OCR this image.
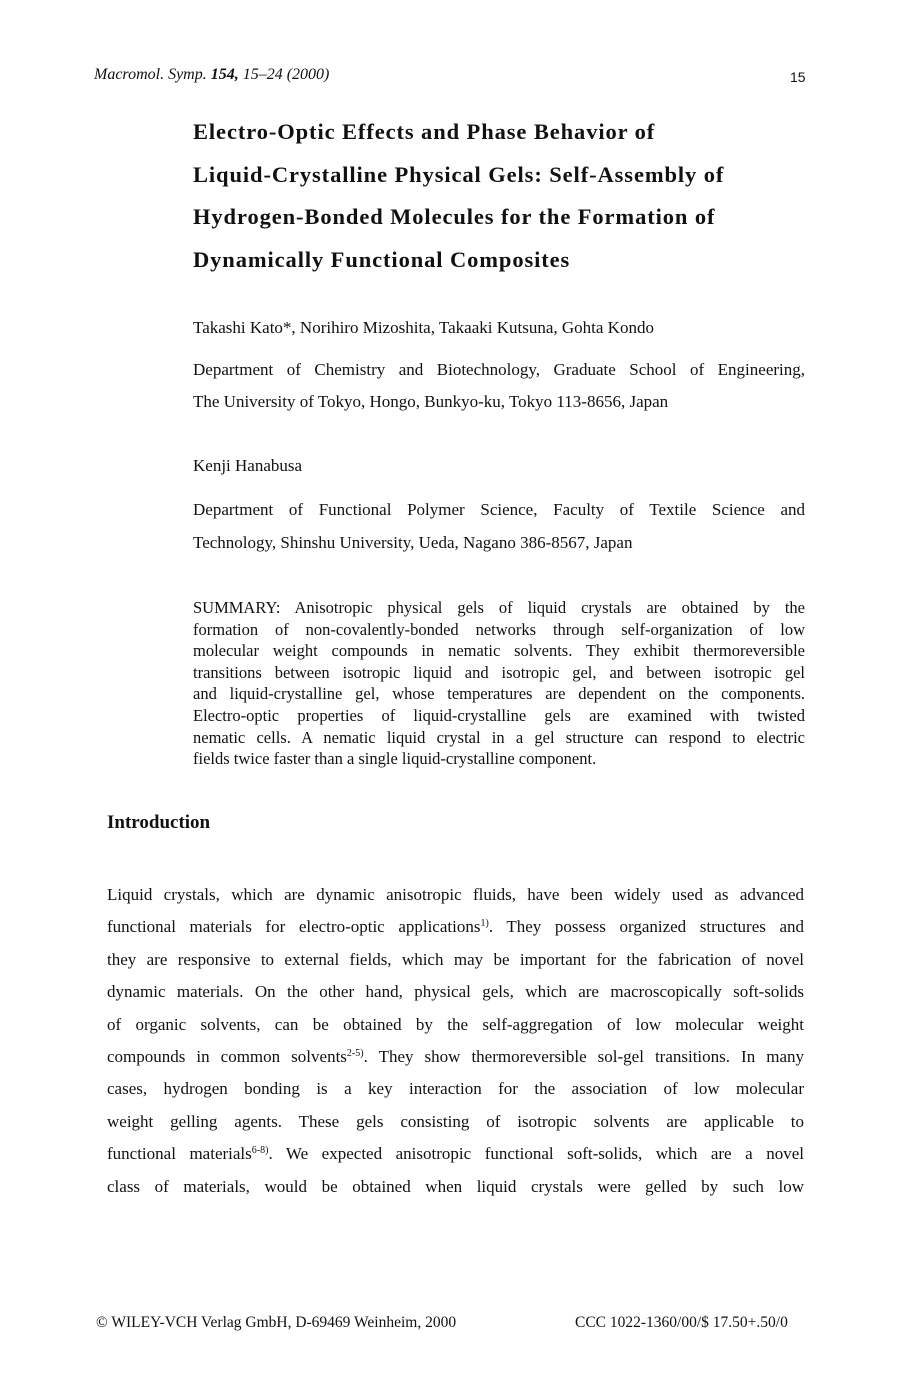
Macromol. Symp. 154, 15–24 (2000)	15
Electro-Optic Effects and Phase Behavior of
Liquid-Crystalline Physical Gels: Self-Assembly of
Hydrogen-Bonded Molecules for the Formation of
Dynamically Functional Composites
Takashi Kato*, Norihiro Mizoshita, Takaaki Kutsuna, Gohta Kondo
Department of Chemistry and Biotechnology, Graduate School of Engineering,
The University of Tokyo, Hongo, Bunkyo-ku, Tokyo 113-8656, Japan
Kenji Hanabusa
Department of Functional Polymer Science, Faculty of Textile Science and
Technology, Shinshu University, Ueda, Nagano 386-8567, Japan
SUMMARY: Anisotropic physical gels of liquid crystals are obtained by the
formation of non-covalently-bonded networks through self-organization of low
molecular weight compounds in nematic solvents. They exhibit thermoreversible
transitions between isotropic liquid and isotropic gel, and between isotropic gel
and liquid-crystalline gel, whose temperatures are dependent on the components.
Electro-optic properties of liquid-crystalline gels are examined with twisted
nematic cells. A nematic liquid crystal in a gel structure can respond to electric
fields twice faster than a single liquid-crystalline component.
Introduction
Liquid crystals, which are dynamic anisotropic fluids, have been widely used as advanced
functional materials for electro-optic applications$^{1)}$. They possess organized structures and
they are responsive to external fields, which may be important for the fabrication of novel
dynamic materials. On the other hand, physical gels, which are macroscopically soft-solids
of organic solvents, can be obtained by the self-aggregation of low molecular weight
compounds in common solvents$^{2-5)}$. They show thermoreversible sol-gel transitions. In many
cases, hydrogen bonding is a key interaction for the association of low molecular
weight gelling agents. These gels consisting of isotropic solvents are applicable to
functional materials$^{6-8)}$. We expected anisotropic functional soft-solids, which are a novel
class of materials, would be obtained when liquid crystals were gelled by such low
© WILEY-VCH Verlag GmbH, D-69469 Weinheim, 2000	CCC 1022-1360/00/$ 17.50+.50/0
